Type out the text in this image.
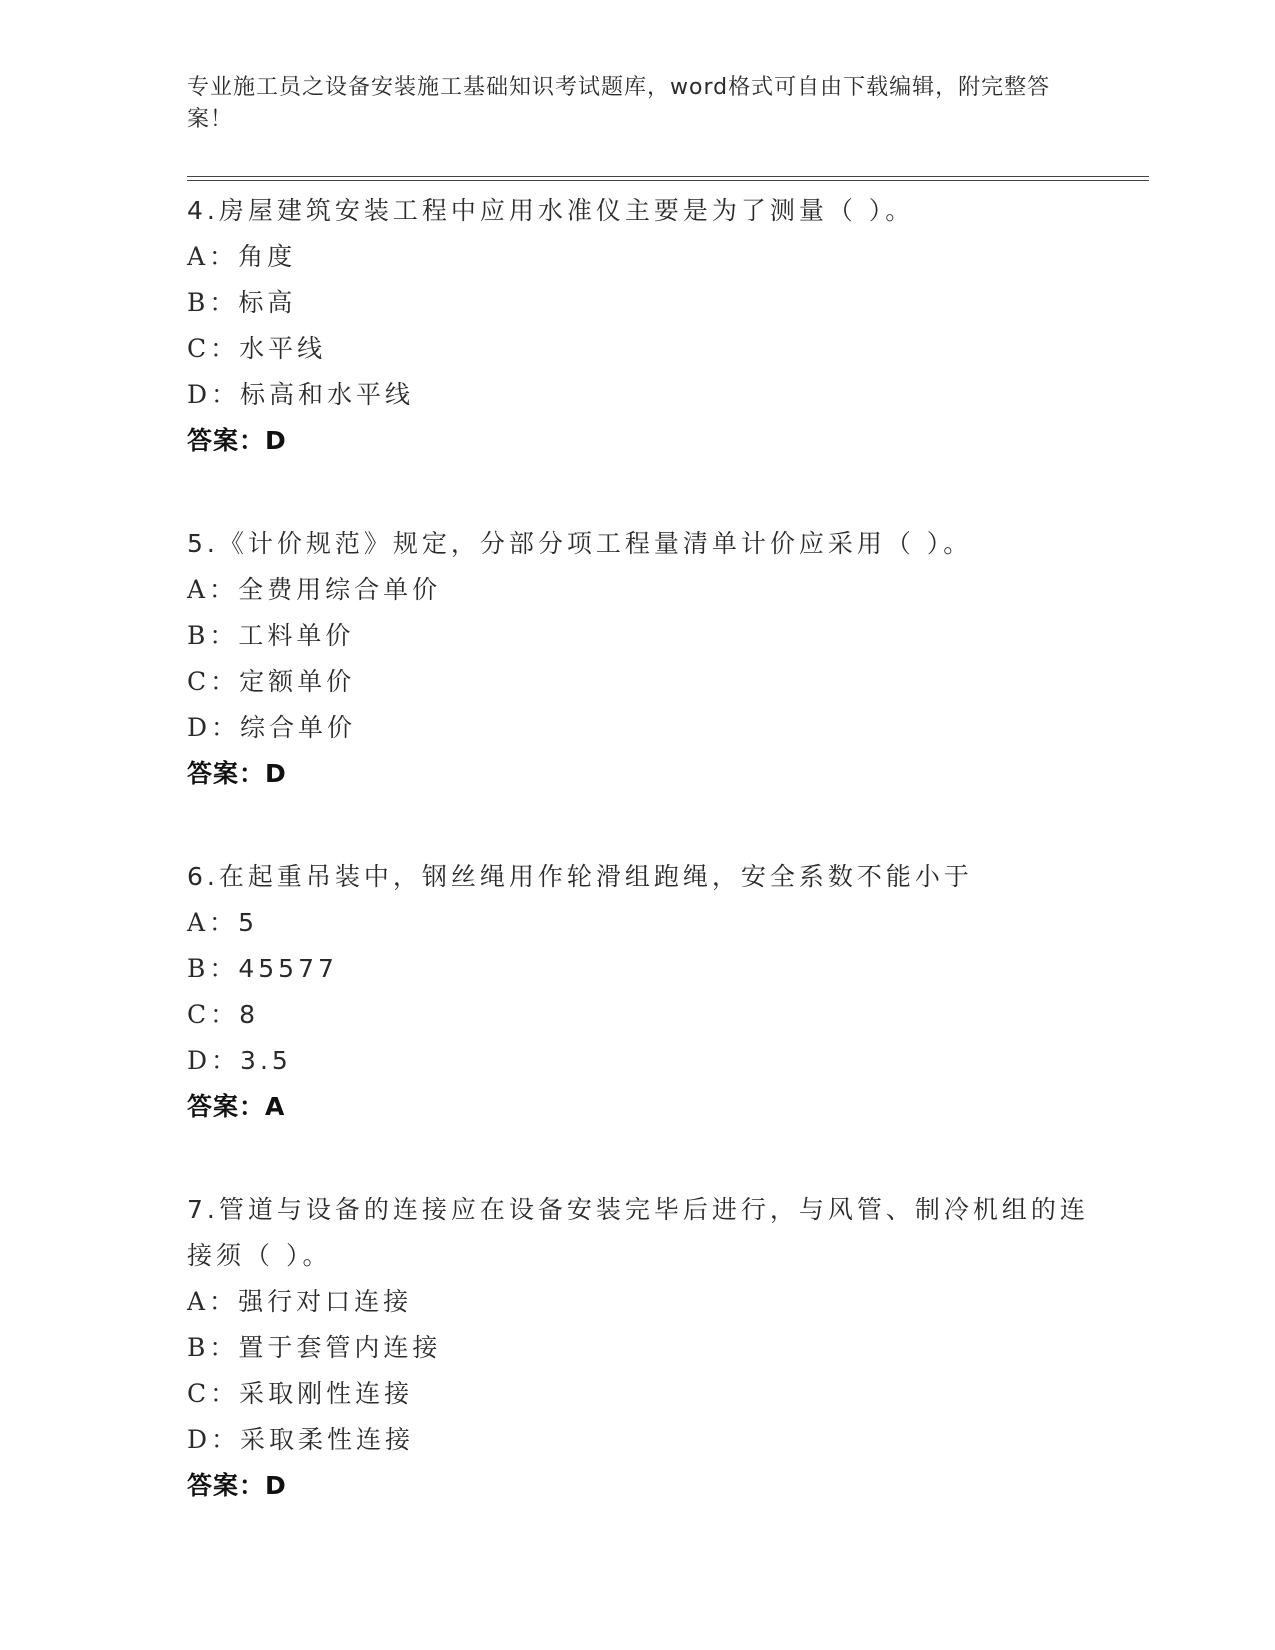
专业施工员之设备安装施工基础知识考试题库，word格式可自由下载编辑，附完整答案！

4.房屋建筑安装工程中应用水准仪主要是为了测量（ ）。

A：角度

B：标高

C：水平线

D：标高和水平线

答案：D

5.《计价规范》规定，分部分项工程量清单计价应采用（ ）。

A：全费用综合单价

B：工料单价

C：定额单价

D：综合单价

答案：D

6.在起重吊装中，钢丝绳用作轮滑组跑绳，安全系数不能小于

A：5

B：45577

C：8

D：3.5

答案：A

7.管道与设备的连接应在设备安装完毕后进行，与风管、制冷机组的连接须（ ）。

A：强行对口连接

B：置于套管内连接

C：采取刚性连接

D：采取柔性连接

答案：D
